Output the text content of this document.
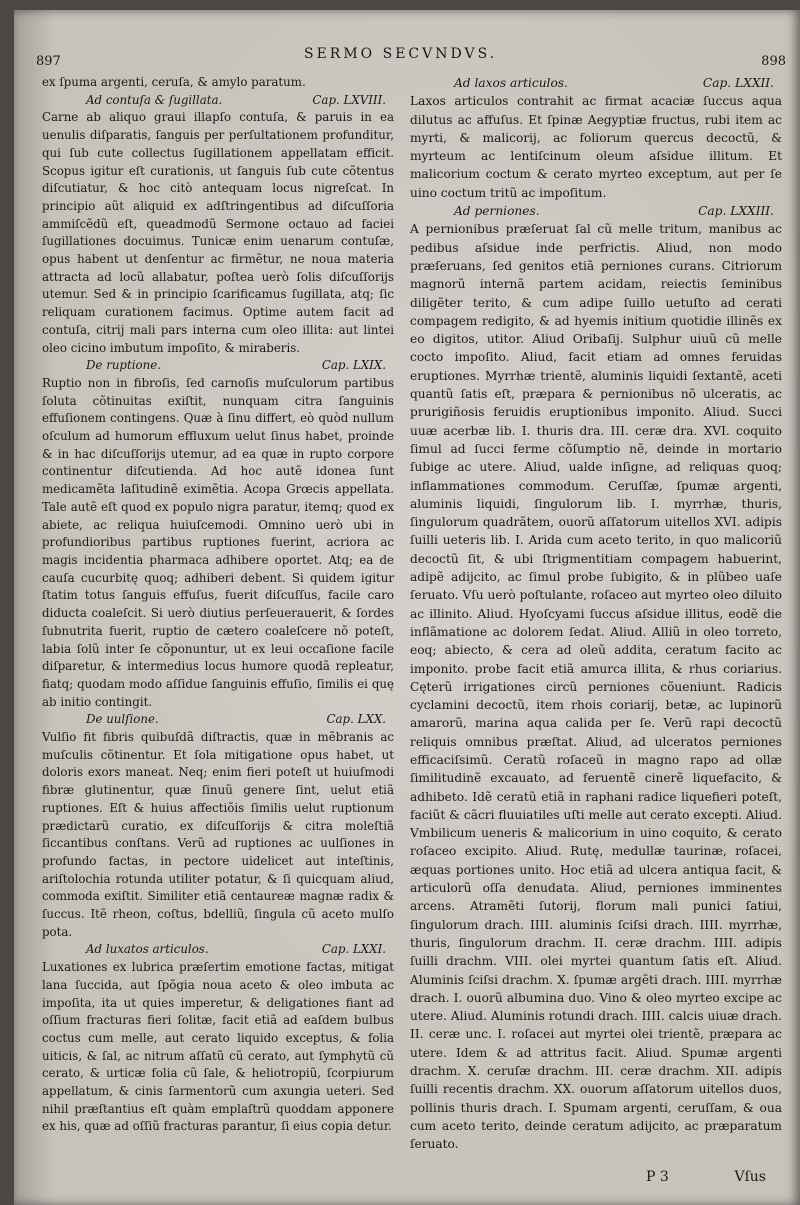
897	SERMO SECVNDVS.	898

ex ſpuma argenti, ceruſa, & amylo paratum.

Ad contuſa & ſugillata.	Cap. LXVIII.

Carne ab aliquo graui illapſo contuſa, & paruis in ea uenulis diſparatis, ſanguis per perſultationem profunditur, qui ſub cute collectus ſugillationem appellatam efficit. Scopus igitur eſt curationis, ut ſanguis ſub cute cõtentus diſcutiatur, & hoc citò antequam locus nigreſcat. In principio aũt aliquid ex adſtringentibus ad diſcuſſoria ammiſcẽdũ eſt, queadmodũ Sermone octauo ad faciei ſugillationes docuimus. Tunicæ enim uenarum contuſæ, opus habent ut denſentur ac firmẽtur, ne noua materia attracta ad locũ allabatur, poſtea uerò ſolis diſcuſſorijs utemur. Sed & in principio ſcarificamus ſugillata, atq; ſic reliquam curationem facimus. Optime autem facit ad contuſa, citrij mali pars interna cum oleo illita: aut lintei oleo cicino imbutum impoſito, & miraberis.

De ruptione.	Cap. LXIX.

Ruptio non in fibroſis, ſed carnoſis muſculorum partibus ſoluta cõtinuitas exiſtit, nunquam citra ſanguinis effuſionem contingens. Quæ à ſinu differt, eò quòd nullum oſculum ad humorum effluxum uelut ſinus habet, proinde & in hac diſcuſſorijs utemur, ad ea quæ in rupto corpore continentur diſcutienda. Ad hoc autẽ idonea ſunt medicamẽta laſitudinẽ eximẽtia. Acopa Grœcis appellata. Tale autẽ eſt quod ex populo nigra paratur, itemq; quod ex abiete, ac reliqua huiuſcemodi. Omnino uerò ubi in profundioribus partibus ruptiones fuerint, acriora ac magis incidentia pharmaca adhibere oportet. Atq; ea de cauſa cucurbitę quoq; adhiberi debent. Si quidem igitur ſtatim totus ſanguis effuſus, fuerit diſcuſſus, facile caro diducta coaleſcit. Si uerò diutius perſeuerauerit, & ſordes ſubnutrita fuerit, ruptio de cætero coaleſcere nõ poteſt, labia ſolũ inter ſe cõponuntur, ut ex leui occaſione facile diſparetur, & intermedius locus humore quodã repleatur, fiatq; quodam modo aſſidue ſanguinis effuſio, ſimilis ei quę ab initio contingit.

De uulſione.	Cap. LXX.

Vulſio fit fibris quibuſdã diſtractis, quæ in mẽbranis ac muſculis cõtinentur. Et ſola mitigatione opus habet, ut doloris exors maneat. Neq; enim fieri poteſt ut huiuſmodi fibræ glutinentur, quæ ſinuũ genere ſint, uelut etiã ruptiones. Eſt & huius affectiõis ſimilis uelut ruptionum prædictarũ curatio, ex diſcuſſorijs & citra moleſtiã ſiccantibus conſtans. Verũ ad ruptiones ac uulſiones in profundo factas, in pectore uidelicet aut inteſtinis, ariſtolochia rotunda utiliter potatur, & ſi quicquam aliud, commoda exiſtit. Similiter etiã centaureæ magnæ radix & ſuccus. Itẽ rheon, coſtus, bdelliũ, ſingula cũ aceto mulſo pota.

Ad luxatos articulos.	Cap. LXXI.

Luxationes ex lubrica præſertim emotione factas, mitigat lana ſuccida, aut ſpõgia noua aceto & oleo imbuta ac impoſita, ita ut quies imperetur, & deligationes fiant ad oſſium fracturas fieri ſolitæ, facit etiã ad eaſdem bulbus coctus cum melle, aut cerato liquido exceptus, & folia uiticis, & ſal, ac nitrum aſſatũ cũ cerato, aut ſymphytũ cũ cerato, & urticæ folia cũ ſale, & heliotropiũ, ſcorpiurum appellatum, & cinis ſarmentorũ cum axungia ueteri. Sed nihil præſtantius eſt quàm emplaſtrũ quoddam apponere ex his, quæ ad oſſiũ fracturas parantur, ſi eius copia detur.

Ad laxos articulos.	Cap. LXXII.

Laxos articulos contrahit ac firmat acaciæ ſuccus aqua dilutus ac affuſus. Et ſpinæ Aegyptiæ fructus, rubi item ac myrti, & malicorij, ac foliorum quercus decoctũ, & myrteum ac lentiſcinum oleum aſsidue illitum. Et malicorium coctum & cerato myrteo exceptum, aut per ſe uino coctum tritũ ac impoſitum.

Ad perniones.	Cap. LXXIII.

A pernionibus præſeruat ſal cũ melle tritum, manibus ac pedibus aſsidue inde perfrictis. Aliud, non modo præſeruans, ſed genitos etiã perniones curans. Citriorum magnorũ internã partem acidam, reiectis ſeminibus diligẽter terito, & cum adipe ſuillo uetuſto ad cerati compagem redigito, & ad hyemis initium quotidie illinẽs ex eo digitos, utitor. Aliud Oribaſij. Sulphur uiuũ cũ melle cocto impoſito. Aliud, facit etiam ad omnes feruidas eruptiones. Myrrhæ trientẽ, aluminis liquidi ſextantẽ, aceti quantũ ſatis eſt, præpara & pernionibus nõ ulceratis, ac prurigiñosis feruidis eruptionibus imponito. Aliud. Succi uuæ acerbæ lib. I. thuris dra. III. ceræ dra. XVI. coquito ſimul ad ſucci ferme cõſumptio nẽ, deinde in mortario ſubige ac utere. Aliud, ualde inſigne, ad reliquas quoq; inflammationes commodum. Ceruſſæ, ſpumæ argenti, aluminis liquidi, ſingulorum lib. I. myrrhæ, thuris, ſingulorum quadrãtem, ouorũ aſſatorum uitellos XVI. adipis ſuilli ueteris lib. I. Arida cum aceto terito, in quo malicoriũ decoctũ ſit, & ubi ſtrigmentitiam compagem habuerint, adipẽ adijcito, ac ſimul probe ſubigito, & in plũbeo uaſe ſeruato. Vſu uerò poſtulante, roſaceo aut myrteo oleo diluito ac illinito. Aliud. Hyoſcyami ſuccus aſsidue illitus, eodẽ die inflãmatione ac dolorem ſedat. Aliud. Alliũ in oleo torreto, eoq; abiecto, & cera ad oleũ addita, ceratum facito ac imponito. probe facit etiã amurca illita, & rhus coriarius. Cęterũ irrigationes circũ perniones cõueniunt. Radicis cyclamini decoctũ, item rhois coriarij, betæ, ac lupinorũ amarorũ, marina aqua calida per ſe. Verũ rapi decoctũ reliquis omnibus præſtat. Aliud, ad ulceratos perniones efficaciſsimũ. Ceratũ roſaceũ in magno rapo ad ollæ ſimilitudinẽ excauato, ad feruentẽ cinerẽ liquefacito, & adhibeto. Idẽ ceratũ etiã in raphani radice liquefieri poteſt, faciũt & cãcri fluuiatiles uſti melle aut cerato excepti. Aliud. Vmbilicum ueneris & malicorium in uino coquito, & cerato roſaceo excipito. Aliud. Rutę, medullæ taurinæ, roſacei, æquas portiones unito. Hoc etiã ad ulcera antiqua facit, & articulorũ oſſa denudata. Aliud, perniones imminentes arcens. Atramẽti ſutorij, florum mali punici ſatiui, ſingulorum drach. IIII. aluminis ſciſsi drach. IIII. myrrhæ, thuris, ſingulorum drachm. II. ceræ drachm. IIII. adipis ſuilli drachm. VIII. olei myrtei quantum ſatis eſt. Aliud. Aluminis ſciſsi drachm. X. ſpumæ argẽti drach. IIII. myrrhæ drach. I. ouorũ albumina duo. Vino & oleo myrteo excipe ac utere. Aliud. Aluminis rotundi drach. IIII. calcis uiuæ drach. II. ceræ unc. I. roſacei aut myrtei olei trientẽ, præpara ac utere. Idem & ad attritus facit. Aliud. Spumæ argenti drachm. X. ceruſæ drachm. III. ceræ drachm. XII. adipis ſuilli recentis drachm. XX. ouorum aſſatorum uitellos duos, pollinis thuris drach. I. Spumam argenti, ceruſſam, & oua cum aceto terito, deinde ceratum adijcito, ac præparatum ſeruato.

P 3	Vſus
